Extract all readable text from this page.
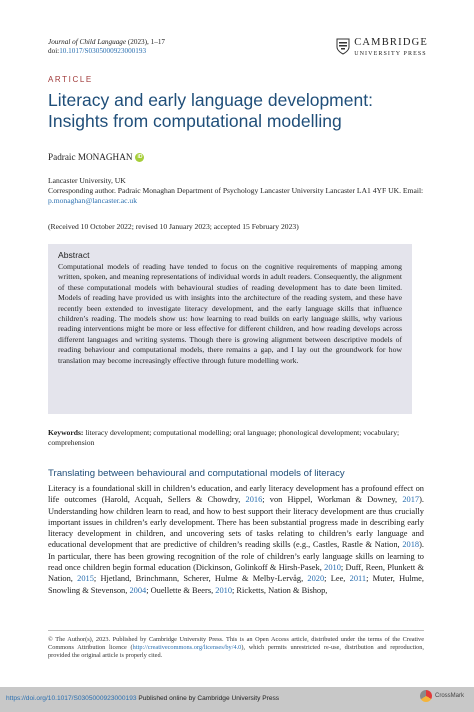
Journal of Child Language (2023), 1–17
doi:10.1017/S0305000923000193
CAMBRIDGE
UNIVERSITY PRESS
ARTICLE
Literacy and early language development: Insights from computational modelling
Padraic MONAGHAN	iD
Lancaster University, UK
Corresponding author. Padraic Monaghan Department of Psychology Lancaster University Lancaster LA1 4YF UK. Email: p.monaghan@lancaster.ac.uk
(Received 10 October 2022; revised 10 January 2023; accepted 15 February 2023)
Abstract
Computational models of reading have tended to focus on the cognitive requirements of mapping among written, spoken, and meaning representations of individual words in adult readers. Consequently, the alignment of these computational models with behavioural studies of reading development has to date been limited. Models of reading have provided us with insights into the architecture of the reading system, and these have recently been extended to investigate literacy development, and the early language skills that influence children’s reading. The models show us: how learning to read builds on early language skills, why various reading interventions might be more or less effective for different children, and how reading develops across different languages and writing systems. Though there is growing alignment between descriptive models of reading behaviour and computational models, there remains a gap, and I lay out the groundwork for how translation may become increasingly effective through future modelling work.
Keywords: literacy development; computational modelling; oral language; phonological development; vocabulary; comprehension
Translating between behavioural and computational models of literacy
Literacy is a foundational skill in children’s education, and early literacy development has a profound effect on life outcomes (Harold, Acquah, Sellers & Chowdry, 2016; von Hippel, Workman & Downey, 2017). Understanding how children learn to read, and how to best support their literacy development are thus crucially important issues in children’s early development. There has been substantial progress made in describing early literacy development in children, and uncovering sets of tasks relating to children’s early language and educational development that are predictive of children’s reading skills (e.g., Castles, Rastle & Nation, 2018). In particular, there has been growing recognition of the role of children’s early language skills on learning to read once children begin formal education (Dickinson, Golinkoff & Hirsh-Pasek, 2010; Duff, Reen, Plunkett & Nation, 2015; Hjetland, Brinchmann, Scherer, Hulme & Melby-Lervåg, 2020; Lee, 2011; Muter, Hulme, Snowling & Stevenson, 2004; Ouellette & Beers, 2010; Ricketts, Nation & Bishop,
© The Author(s), 2023. Published by Cambridge University Press. This is an Open Access article, distributed under the terms of the Creative Commons Attribution licence (http://creativecommons.org/licenses/by/4.0), which permits unrestricted re-use, distribution and reproduction, provided the original article is properly cited.
https://doi.org/10.1017/S0305000923000193 Published online by Cambridge University Press	CrossMark
